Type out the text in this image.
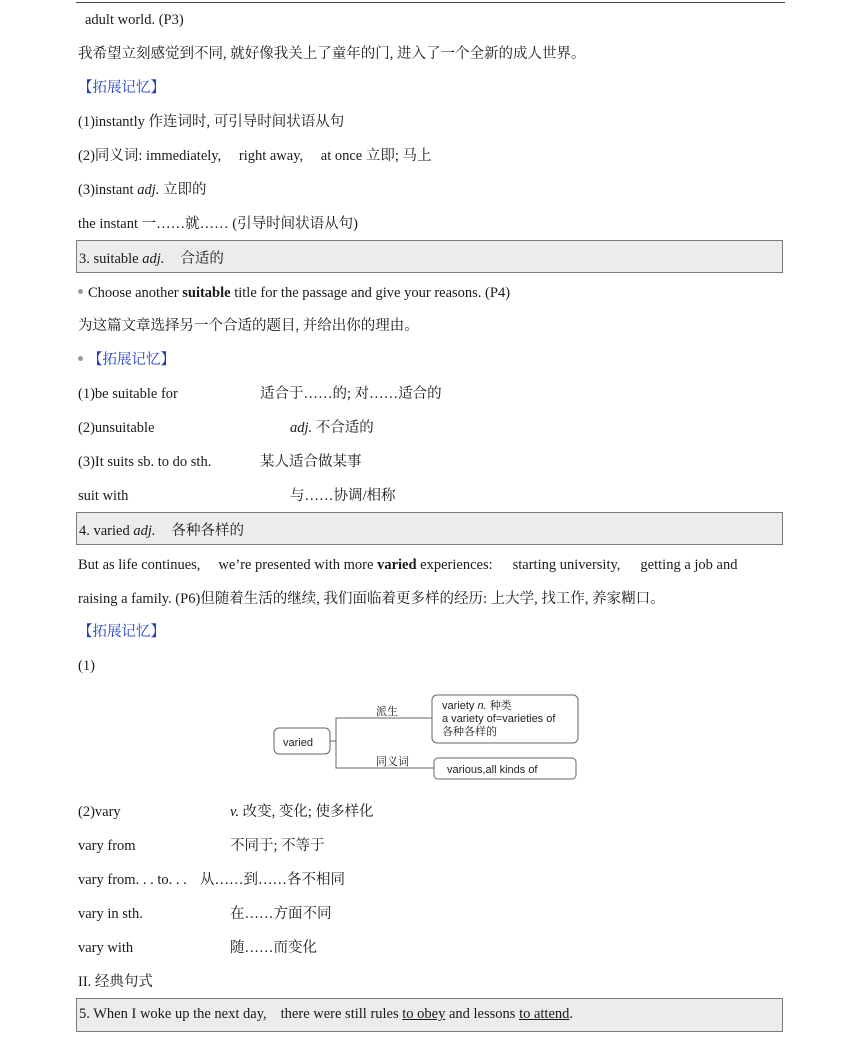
adult world. (P3)
我希望立刻感觉到不同, 就好像我关上了童年的门, 进入了一个全新的成人世界。
【拓展记忆】
(1)instantly 作连词时, 可引导时间状语从句
(2)同义词: immediately, right away, at once 立即; 马上
(3)instant adj. 立即的
the instant 一……就…… (引导时间状语从句)
3. suitable adj. 合适的
Choose another suitable title for the passage and give your reasons. (P4)
为这篇文章选择另一个合适的题目, 并给出你的理由。
【拓展记忆】
(1)be suitable for	适合于……的; 对……适合的
(2)unsuitable	adj. 不合适的
(3)It suits sb. to do sth.	某人适合做某事
suit with	与……协调/相称
4. varied adj. 各种各样的
But as life continues, we’re presented with more varied experiences: starting university, getting a job and
raising a family. (P6)但随着生活的继续, 我们面临着更多样的经历: 上大学, 找工作, 养家糊口。
【拓展记忆】
(1)
varied
派生
同义词
variety n. 种类
a variety of=varieties of
各种各样的
various,all kinds of
(2)vary	v. 改变, 变化; 使多样化
vary from	不同于; 不等于
vary from. . . to. . . 从……到……各不相同
vary in sth.	在……方面不同
vary with	随……而变化
II. 经典句式
5. When I woke up the next day, there were still rules to obey and lessons to attend.
